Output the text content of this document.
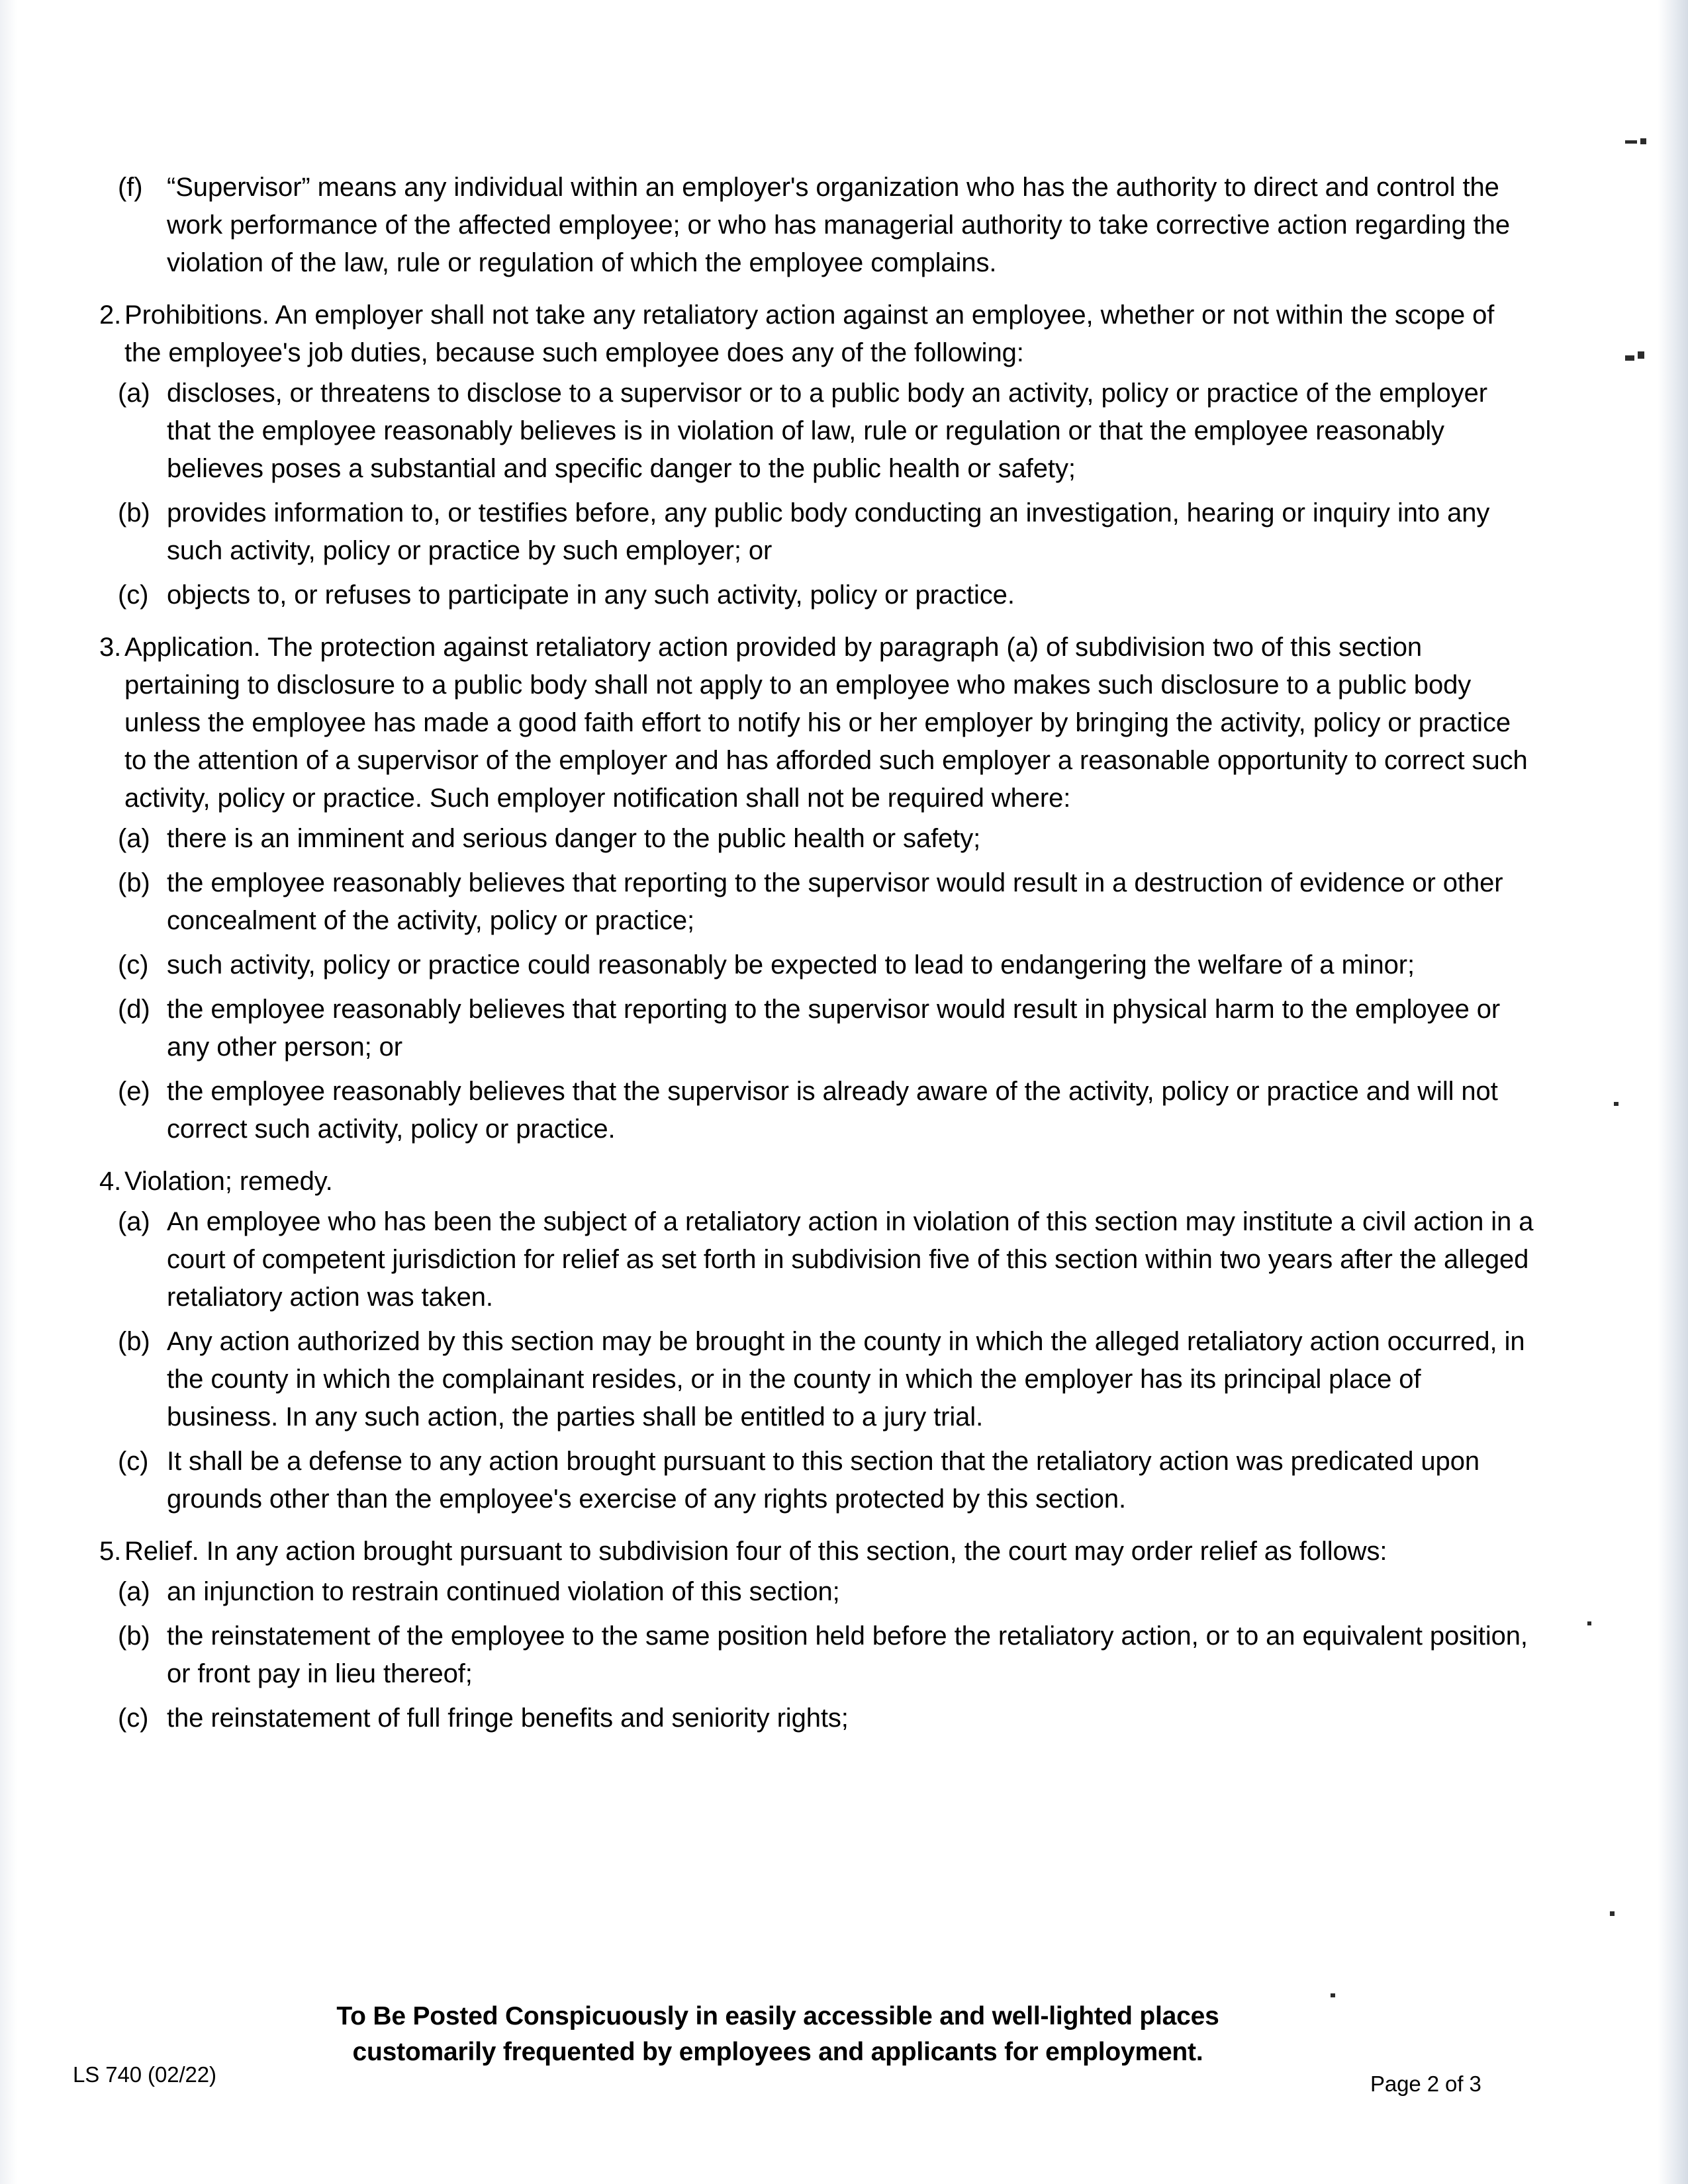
(f) “Supervisor” means any individual within an employer's organization who has the authority to direct and control the work performance of the affected employee; or who has managerial authority to take corrective action regarding the violation of the law, rule or regulation of which the employee complains.
2. Prohibitions. An employer shall not take any retaliatory action against an employee, whether or not within the scope of the employee's job duties, because such employee does any of the following:
(a) discloses, or threatens to disclose to a supervisor or to a public body an activity, policy or practice of the employer that the employee reasonably believes is in violation of law, rule or regulation or that the employee reasonably believes poses a substantial and specific danger to the public health or safety;
(b) provides information to, or testifies before, any public body conducting an investigation, hearing or inquiry into any such activity, policy or practice by such employer; or
(c) objects to, or refuses to participate in any such activity, policy or practice.
3. Application. The protection against retaliatory action provided by paragraph (a) of subdivision two of this section pertaining to disclosure to a public body shall not apply to an employee who makes such disclosure to a public body unless the employee has made a good faith effort to notify his or her employer by bringing the activity, policy or practice to the attention of a supervisor of the employer and has afforded such employer a reasonable opportunity to correct such activity, policy or practice. Such employer notification shall not be required where:
(a) there is an imminent and serious danger to the public health or safety;
(b) the employee reasonably believes that reporting to the supervisor would result in a destruction of evidence or other concealment of the activity, policy or practice;
(c) such activity, policy or practice could reasonably be expected to lead to endangering the welfare of a minor;
(d) the employee reasonably believes that reporting to the supervisor would result in physical harm to the employee or any other person; or
(e) the employee reasonably believes that the supervisor is already aware of the activity, policy or practice and will not correct such activity, policy or practice.
4. Violation; remedy.
(a) An employee who has been the subject of a retaliatory action in violation of this section may institute a civil action in a court of competent jurisdiction for relief as set forth in subdivision five of this section within two years after the alleged retaliatory action was taken.
(b) Any action authorized by this section may be brought in the county in which the alleged retaliatory action occurred, in the county in which the complainant resides, or in the county in which the employer has its principal place of business. In any such action, the parties shall be entitled to a jury trial.
(c) It shall be a defense to any action brought pursuant to this section that the retaliatory action was predicated upon grounds other than the employee's exercise of any rights protected by this section.
5. Relief. In any action brought pursuant to subdivision four of this section, the court may order relief as follows:
(a) an injunction to restrain continued violation of this section;
(b) the reinstatement of the employee to the same position held before the retaliatory action, or to an equivalent position, or front pay in lieu thereof;
(c) the reinstatement of full fringe benefits and seniority rights;
To Be Posted Conspicuously in easily accessible and well-lighted places
customarily frequented by employees and applicants for employment.
LS 740 (02/22)	Page 2 of 3
